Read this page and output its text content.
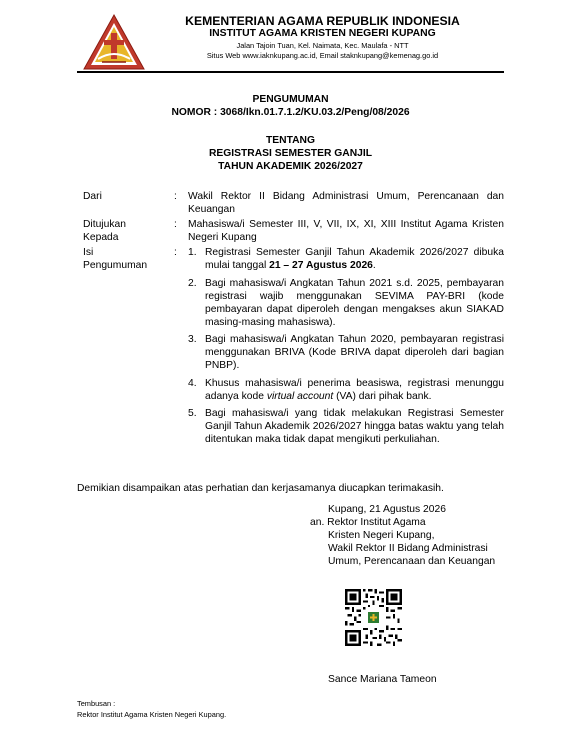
KEMENTERIAN AGAMA REPUBLIK INDONESIA
INSTITUT AGAMA KRISTEN NEGERI KUPANG
Jalan Tajoin Tuan, Kel. Naimata, Kec. Maulafa - NTT
Situs Web www.iaknkupang.ac.id, Email staknkupang@kemenag.go.id
PENGUMUMAN
NOMOR : 3068/Ikn.01.7.1.2/KU.03.2/Peng/08/2026
TENTANG
REGISTRASI SEMESTER GANJIL
TAHUN AKADEMIK 2026/2027
Dari	: Wakil Rektor II Bidang Administrasi Umum, Perencanaan dan Keuangan
Ditujukan
Kepada
: Mahasiswa/i Semester III, V, VII, IX, XI, XIII Institut Agama Kristen Negeri Kupang
Isi
Pengumuman
: 1. Registrasi Semester Ganjil Tahun Akademik 2026/2027 dibuka mulai tanggal 21 – 27 Agustus 2026.
2. Bagi mahasiswa/i Angkatan Tahun 2021 s.d. 2025, pembayaran registrasi wajib menggunakan SEVIMA PAY-BRI (kode pembayaran dapat diperoleh dengan mengakses akun SIAKAD masing-masing mahasiswa).
3. Bagi mahasiswa/i Angkatan Tahun 2020, pembayaran registrasi menggunakan BRIVA (Kode BRIVA dapat diperoleh dari bagian PNBP).
4. Khusus mahasiswa/i penerima beasiswa, registrasi menunggu adanya kode virtual account (VA) dari pihak bank.
5. Bagi mahasiswa/i yang tidak melakukan Registrasi Semester Ganjil Tahun Akademik 2026/2027 hingga batas waktu yang telah ditentukan maka tidak dapat mengikuti perkuliahan.
Demikian disampaikan atas perhatian dan kerjasamanya diucapkan terimakasih.
Kupang, 21 Agustus 2026
an. Rektor Institut Agama
Kristen Negeri Kupang,
Wakil Rektor II Bidang Administrasi
Umum, Perencanaan dan Keuangan
Sance Mariana Tameon
Tembusan :
Rektor Institut Agama Kristen Negeri Kupang.
